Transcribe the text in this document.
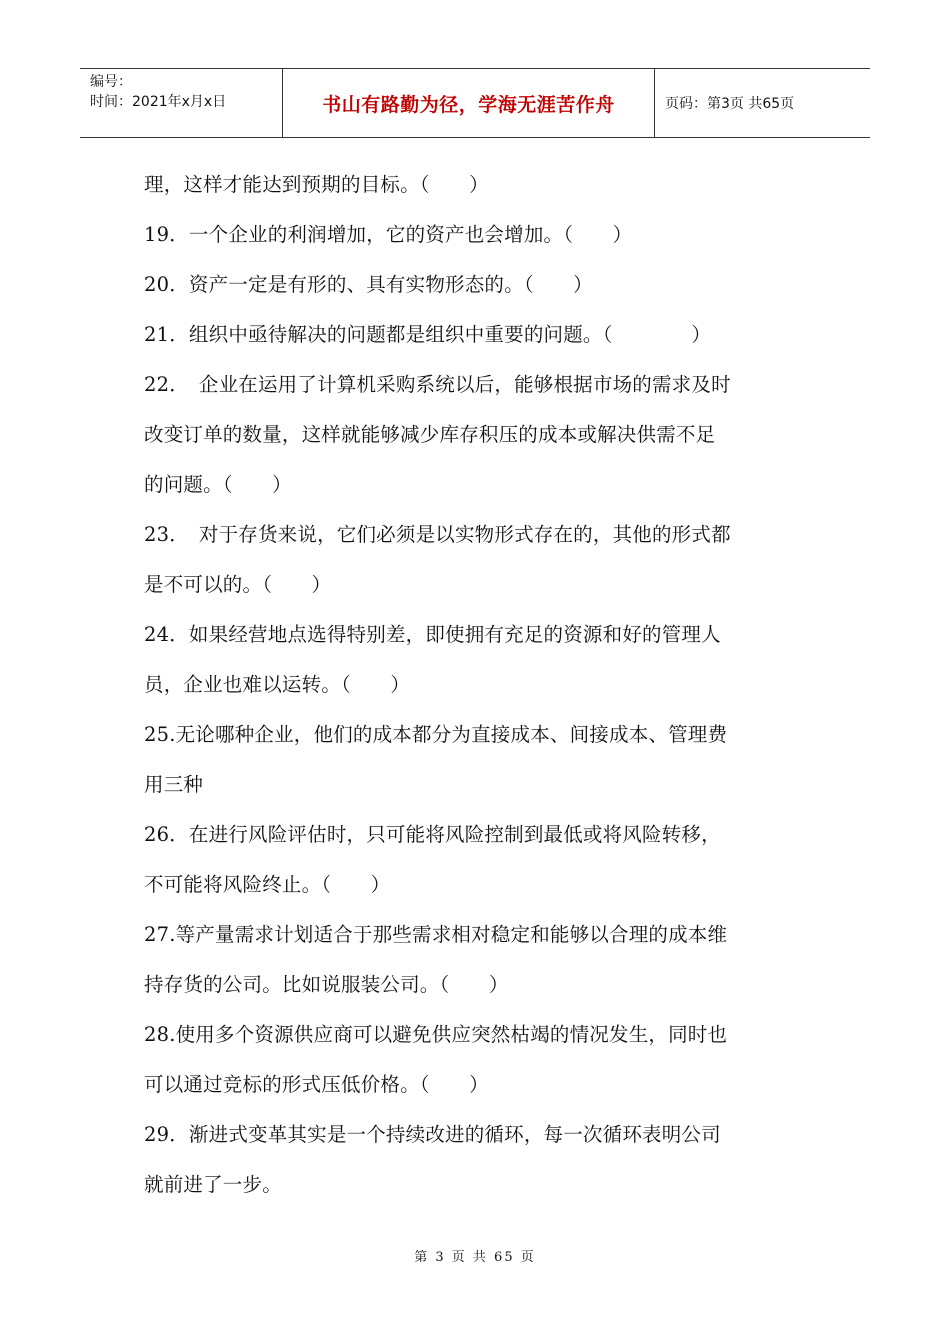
编号：
时间：2021年x月x日	书山有路勤为径，学海无涯苦作舟	页码：第3页 共65页
理，这样才能达到预期的目标。（　　）
19．一个企业的利润增加，它的资产也会增加。（　　）
20．资产一定是有形的、具有实物形态的。（　　）
21．组织中亟待解决的问题都是组织中重要的问题。（　　　　）
22．　企业在运用了计算机采购系统以后，能够根据市场的需求及时
改变订单的数量，这样就能够减少库存积压的成本或解决供需不足
的问题。（　　）
23．　对于存货来说，它们必须是以实物形式存在的，其他的形式都
是不可以的。（　　）
24．如果经营地点选得特别差，即使拥有充足的资源和好的管理人
员，企业也难以运转。（　　）
25.无论哪种企业，他们的成本都分为直接成本、间接成本、管理费
用三种
26．在进行风险评估时，只可能将风险控制到最低或将风险转移，
不可能将风险终止。（　　）
27.等产量需求计划适合于那些需求相对稳定和能够以合理的成本维
持存货的公司。比如说服装公司。（　　）
28.使用多个资源供应商可以避免供应突然枯竭的情况发生，同时也
可以通过竞标的形式压低价格。（　　）
29．渐进式变革其实是一个持续改进的循环，每一次循环表明公司
就前进了一步。
第 3 页 共 65 页
